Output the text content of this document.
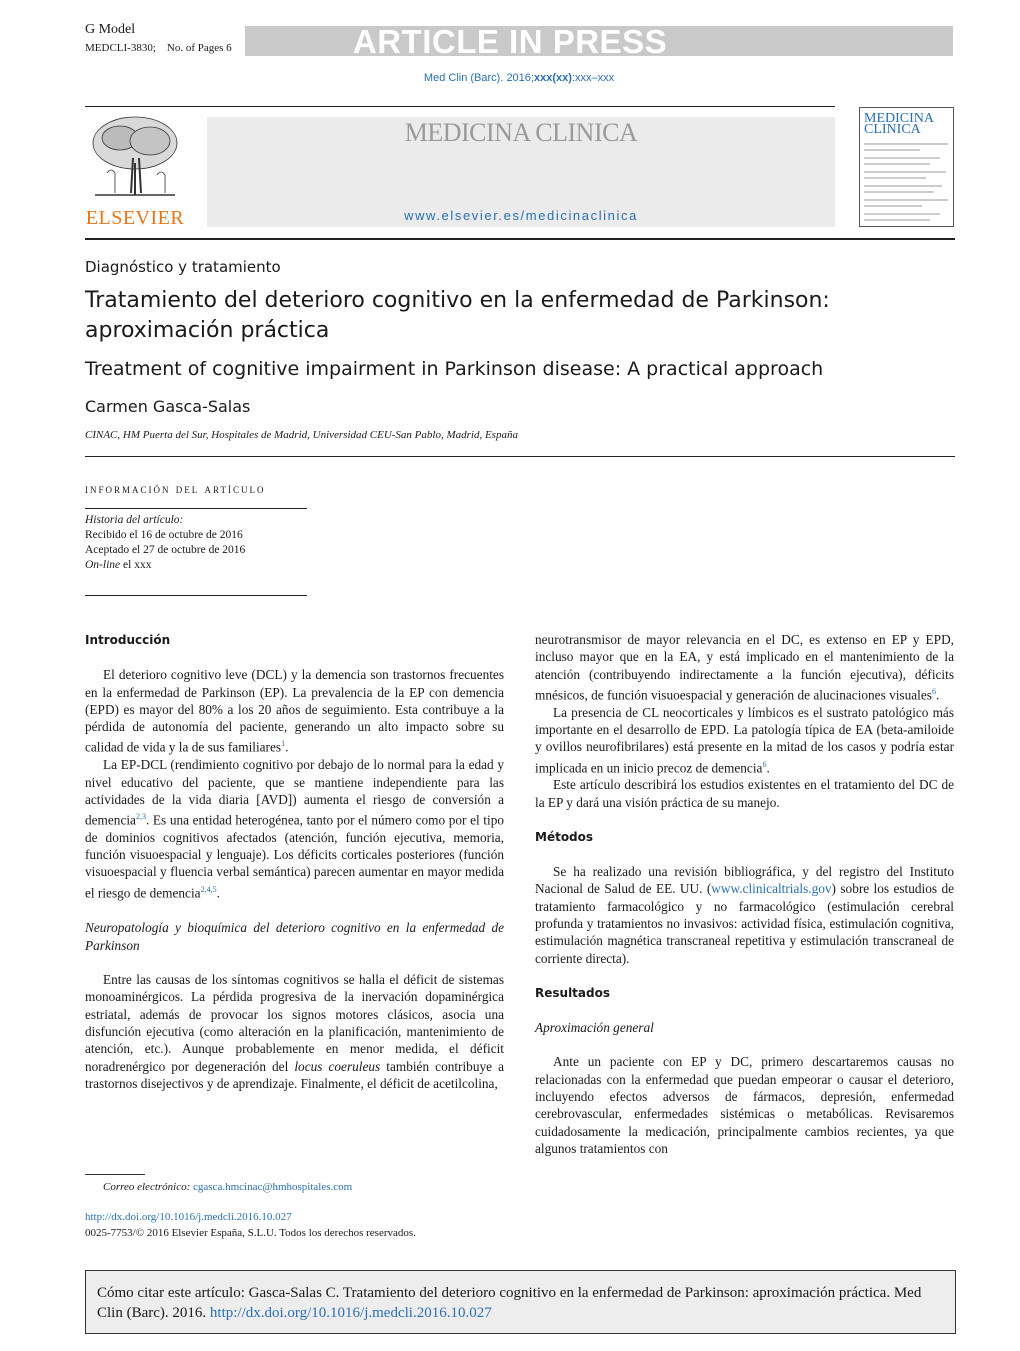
G Model
MEDCLI-3830;    No. of Pages 6	ARTICLE IN PRESS
Med Clin (Barc). 2016;xxx(xx):xxx–xxx
ELSEVIER
MEDICINA CLINICA
www.elsevier.es/medicinaclinica
MEDICINA
CLINICA
Diagnóstico y tratamiento
Tratamiento del deterioro cognitivo en la enfermedad de Parkinson: aproximación práctica
Treatment of cognitive impairment in Parkinson disease: A practical approach
Carmen Gasca-Salas
CINAC, HM Puerta del Sur, Hospitales de Madrid, Universidad CEU-San Pablo, Madrid, España
información del artículo
Historia del artículo:
Recibido el 16 de octubre de 2016
Aceptado el 27 de octubre de 2016
On-line el xxx
Introducción

El deterioro cognitivo leve (DCL) y la demencia son trastornos frecuentes en la enfermedad de Parkinson (EP). La prevalencia de la EP con demencia (EPD) es mayor del 80% a los 20 años de seguimiento. Esta contribuye a la pérdida de autonomía del paciente, generando un alto impacto sobre su calidad de vida y la de sus familiares$^1$.

La EP-DCL (rendimiento cognitivo por debajo de lo normal para la edad y nivel educativo del paciente, que se mantiene independiente para las actividades de la vida diaria [AVD]) aumenta el riesgo de conversión a demencia$^{2,3}$. Es una entidad heterogénea, tanto por el número como por el tipo de dominios cognitivos afectados (atención, función ejecutiva, memoria, función visuoespacial y lenguaje). Los déficits corticales posteriores (función visuoespacial y fluencia verbal semántica) parecen aumentar en mayor medida el riesgo de demencia$^{2,4,5}$.

Neuropatología y bioquímica del deterioro cognitivo en la enfermedad de Parkinson

Entre las causas de los síntomas cognitivos se halla el déficit de sistemas monoaminérgicos. La pérdida progresiva de la inervación dopaminérgica estriatal, además de provocar los signos motores clásicos, asocia una disfunción ejecutiva (como alteración en la planificación, mantenimiento de atención, etc.). Aunque probablemente en menor medida, el déficit noradrenérgico por degeneración del locus coeruleus también contribuye a trastornos disejectivos y de aprendizaje. Finalmente, el déficit de acetilcolina,

neurotransmisor de mayor relevancia en el DC, es extenso en EP y EPD, incluso mayor que en la EA, y está implicado en el mantenimiento de la atención (contribuyendo indirectamente a la función ejecutiva), déficits mnésicos, de función visuoespacial y generación de alucinaciones visuales$^6$.

La presencia de CL neocorticales y límbicos es el sustrato patológico más importante en el desarrollo de EPD. La patología típica de EA (beta-amiloide y ovillos neurofibrilares) está presente en la mitad de los casos y podría estar implicada en un inicio precoz de demencia$^6$.

Este artículo describirá los estudios existentes en el tratamiento del DC de la EP y dará una visión práctica de su manejo.

Métodos

Se ha realizado una revisión bibliográfica, y del registro del Instituto Nacional de Salud de EE. UU. (www.clinicaltrials.gov) sobre los estudios de tratamiento farmacológico y no farmacológico (estimulación cerebral profunda y tratamientos no invasivos: actividad física, estimulación cognitiva, estimulación magnética transcraneal repetitiva y estimulación transcraneal de corriente directa).

Resultados
Aproximación general

Ante un paciente con EP y DC, primero descartaremos causas no relacionadas con la enfermedad que puedan empeorar o causar el deterioro, incluyendo efectos adversos de fármacos, depresión, enfermedad cerebrovascular, enfermedades sistémicas o metabólicas. Revisaremos cuidadosamente la medicación, principalmente cambios recientes, ya que algunos tratamientos con

Correo electrónico: cgasca.hmcinac@hmhospitales.com
http://dx.doi.org/10.1016/j.medcli.2016.10.027
0025-7753/© 2016 Elsevier España, S.L.U. Todos los derechos reservados.
Cómo citar este artículo: Gasca-Salas C. Tratamiento del deterioro cognitivo en la enfermedad de Parkinson: aproximación práctica. Med Clin (Barc). 2016. http://dx.doi.org/10.1016/j.medcli.2016.10.027
